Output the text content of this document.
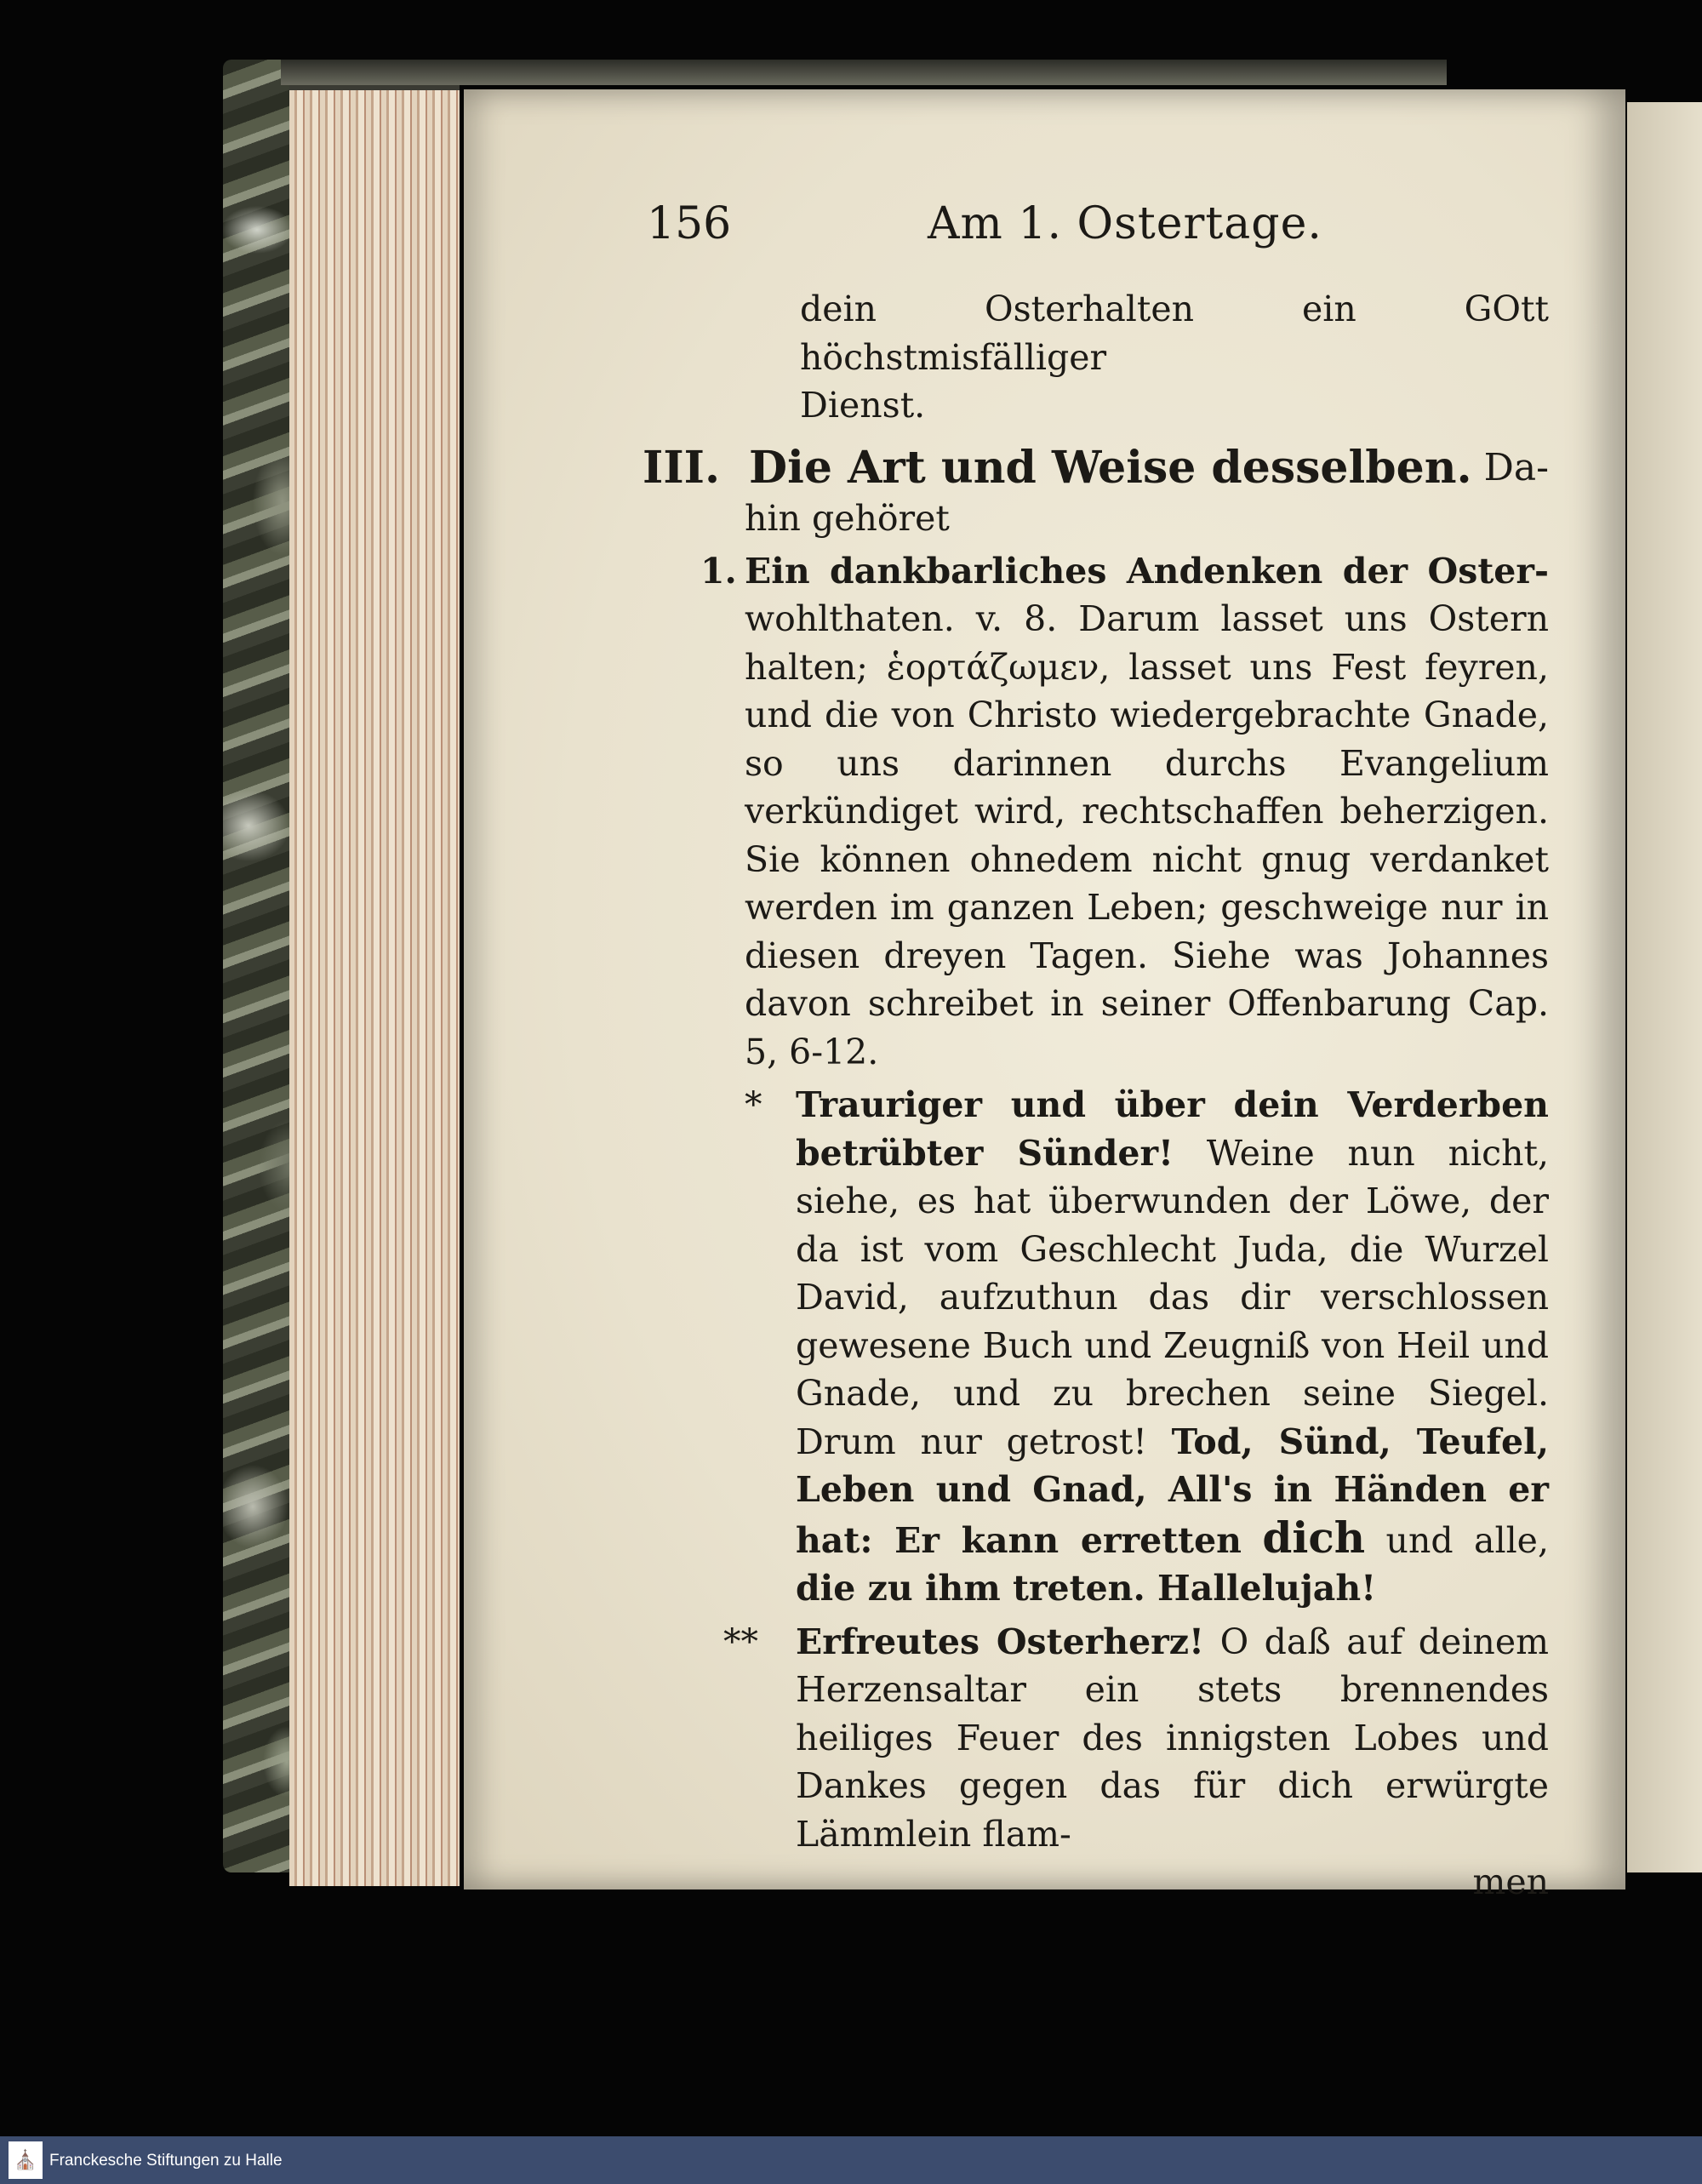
156	Am 1. Ostertage.
dein Osterhalten ein GOtt höchstmisfälliger
Dienst.
III. Die Art und Weise desselben. Da-
hin gehöret
1. Ein dankbarliches Andenken der Oster- wohlthaten. v. 8. Darum lasset uns Ostern halten; ἑορτάζωμεν, lasset uns Fest feyren, und die von Christo wiedergebrachte Gnade, so uns darinnen durchs Evangelium verkündiget wird, rechtschaffen beherzigen. Sie können ohnedem nicht gnug verdanket werden im ganzen Leben; geschweige nur in diesen dreyen Tagen. Siehe was Johannes davon schreibet in seiner Offenbarung Cap. 5, 6-12.
* Trauriger und über dein Verderben betrübter Sünder! Weine nun nicht, siehe, es hat überwunden der Löwe, der da ist vom Geschlecht Juda, die Wurzel David, aufzuthun das dir verschlossen gewesene Buch und Zeugniß von Heil und Gnade, und zu brechen seine Siegel. Drum nur getrost! Tod, Sünd, Teufel, Leben und Gnad, All's in Händen er hat: Er kann erretten dich und alle, die zu ihm treten. Hallelujah!
** Erfreutes Osterherz! O daß auf deinem Herzensaltar ein stets brennendes heiliges Feuer des innigsten Lobes und Dankes gegen das für dich erwürgte Lämmlein flam-
men
⛪ Franckesche Stiftungen zu Halle
